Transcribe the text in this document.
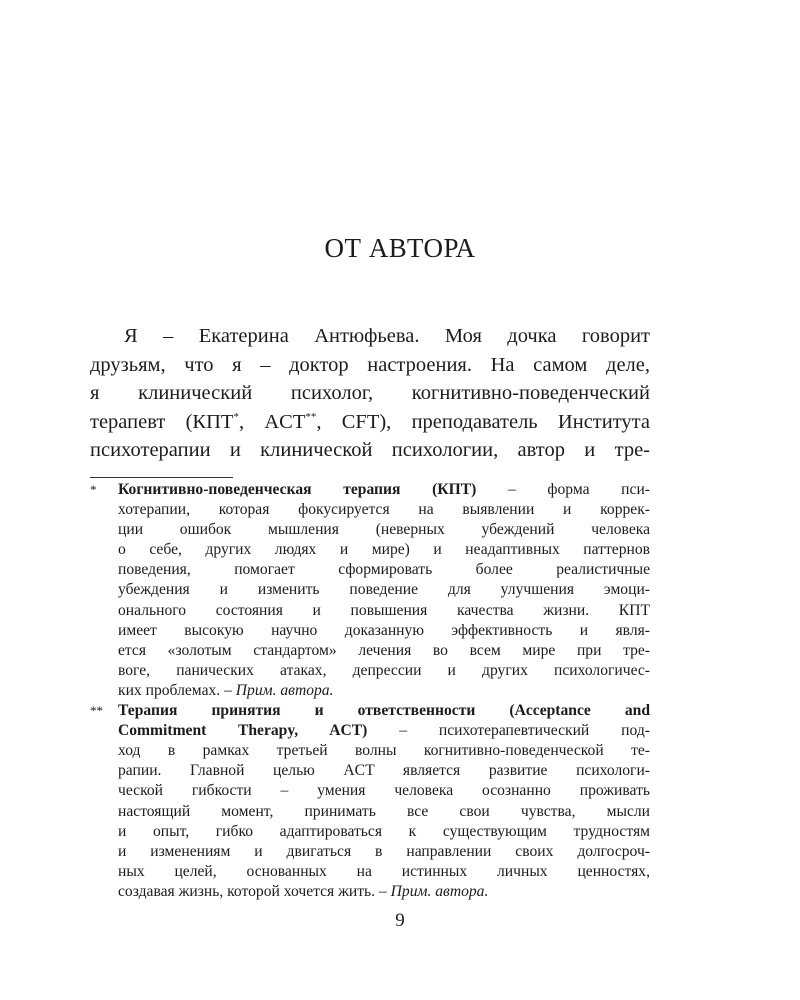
ОТ АВТОРА
Я – Екатерина Антюфьева. Моя дочка говорит
друзьям, что я – доктор настроения. На самом деле,
я клинический психолог, когнитивно-поведенческий
терапевт (КПТ*, ACT**, CFT), преподаватель Института
психотерапии и клинической психологии, автор и тре-
* Когнитивно-поведенческая терапия (КПТ) – форма пси-
хотерапии, которая фокусируется на выявлении и коррек-
ции ошибок мышления (неверных убеждений человека
о себе, других людях и мире) и неадаптивных паттернов
поведения, помогает сформировать более реалистичные
убеждения и изменить поведение для улучшения эмоци-
онального состояния и повышения качества жизни. КПТ
имеет высокую научно доказанную эффективность и явля-
ется «золотым стандартом» лечения во всем мире при тре-
воге, панических атаках, депрессии и других психологичес-
ких проблемах. – Прим. автора.
** Терапия принятия и ответственности (Acceptance and
Commitment Therapy, ACT) – психотерапевтический под-
ход в рамках третьей волны когнитивно-поведенческой те-
рапии. Главной целью ACT является развитие психологи-
ческой гибкости – умения человека осознанно проживать
настоящий момент, принимать все свои чувства, мысли
и опыт, гибко адаптироваться к существующим трудностям
и изменениям и двигаться в направлении своих долгосроч-
ных целей, основанных на истинных личных ценностях,
создавая жизнь, которой хочется жить. – Прим. автора.
9
